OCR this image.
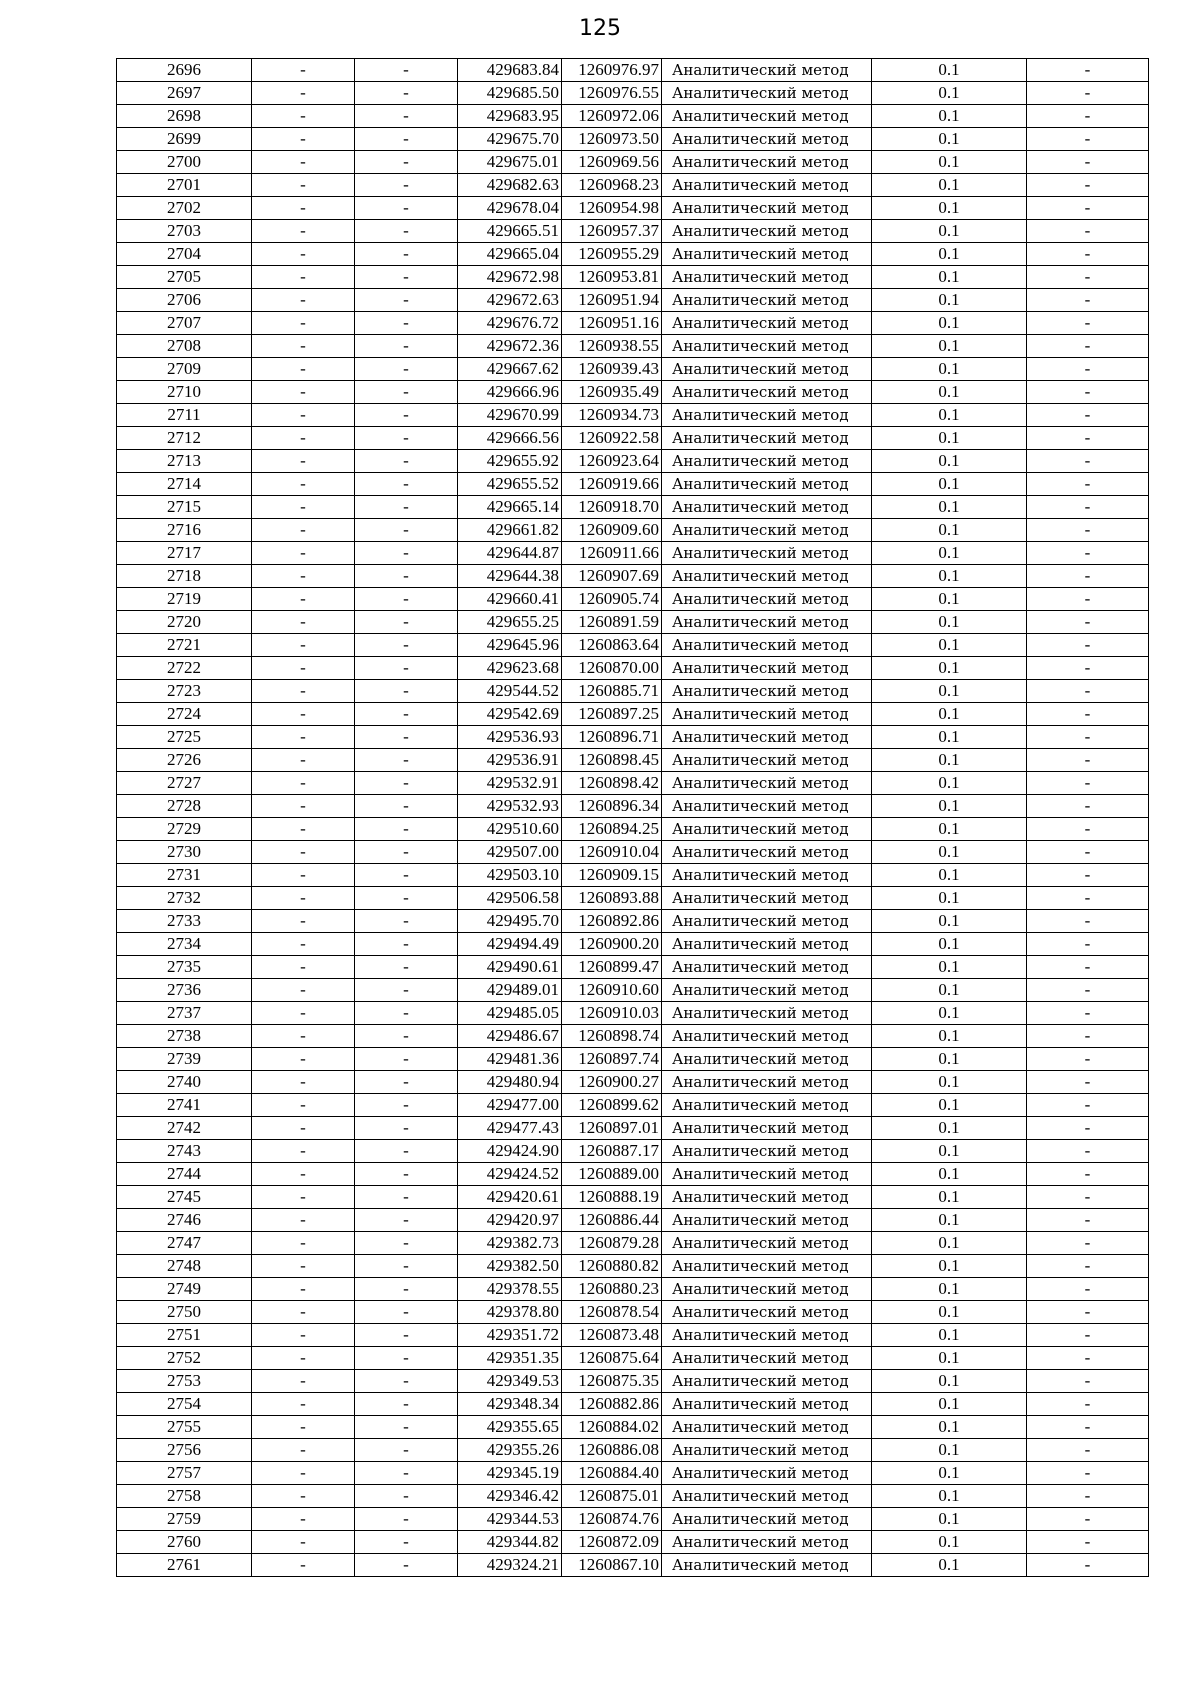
125
2696	-	-	429683.84	1260976.97	Аналитический метод	0.1	-
2697	-	-	429685.50	1260976.55	Аналитический метод	0.1	-
2698	-	-	429683.95	1260972.06	Аналитический метод	0.1	-
2699	-	-	429675.70	1260973.50	Аналитический метод	0.1	-
2700	-	-	429675.01	1260969.56	Аналитический метод	0.1	-
2701	-	-	429682.63	1260968.23	Аналитический метод	0.1	-
2702	-	-	429678.04	1260954.98	Аналитический метод	0.1	-
2703	-	-	429665.51	1260957.37	Аналитический метод	0.1	-
2704	-	-	429665.04	1260955.29	Аналитический метод	0.1	-
2705	-	-	429672.98	1260953.81	Аналитический метод	0.1	-
2706	-	-	429672.63	1260951.94	Аналитический метод	0.1	-
2707	-	-	429676.72	1260951.16	Аналитический метод	0.1	-
2708	-	-	429672.36	1260938.55	Аналитический метод	0.1	-
2709	-	-	429667.62	1260939.43	Аналитический метод	0.1	-
2710	-	-	429666.96	1260935.49	Аналитический метод	0.1	-
2711	-	-	429670.99	1260934.73	Аналитический метод	0.1	-
2712	-	-	429666.56	1260922.58	Аналитический метод	0.1	-
2713	-	-	429655.92	1260923.64	Аналитический метод	0.1	-
2714	-	-	429655.52	1260919.66	Аналитический метод	0.1	-
2715	-	-	429665.14	1260918.70	Аналитический метод	0.1	-
2716	-	-	429661.82	1260909.60	Аналитический метод	0.1	-
2717	-	-	429644.87	1260911.66	Аналитический метод	0.1	-
2718	-	-	429644.38	1260907.69	Аналитический метод	0.1	-
2719	-	-	429660.41	1260905.74	Аналитический метод	0.1	-
2720	-	-	429655.25	1260891.59	Аналитический метод	0.1	-
2721	-	-	429645.96	1260863.64	Аналитический метод	0.1	-
2722	-	-	429623.68	1260870.00	Аналитический метод	0.1	-
2723	-	-	429544.52	1260885.71	Аналитический метод	0.1	-
2724	-	-	429542.69	1260897.25	Аналитический метод	0.1	-
2725	-	-	429536.93	1260896.71	Аналитический метод	0.1	-
2726	-	-	429536.91	1260898.45	Аналитический метод	0.1	-
2727	-	-	429532.91	1260898.42	Аналитический метод	0.1	-
2728	-	-	429532.93	1260896.34	Аналитический метод	0.1	-
2729	-	-	429510.60	1260894.25	Аналитический метод	0.1	-
2730	-	-	429507.00	1260910.04	Аналитический метод	0.1	-
2731	-	-	429503.10	1260909.15	Аналитический метод	0.1	-
2732	-	-	429506.58	1260893.88	Аналитический метод	0.1	-
2733	-	-	429495.70	1260892.86	Аналитический метод	0.1	-
2734	-	-	429494.49	1260900.20	Аналитический метод	0.1	-
2735	-	-	429490.61	1260899.47	Аналитический метод	0.1	-
2736	-	-	429489.01	1260910.60	Аналитический метод	0.1	-
2737	-	-	429485.05	1260910.03	Аналитический метод	0.1	-
2738	-	-	429486.67	1260898.74	Аналитический метод	0.1	-
2739	-	-	429481.36	1260897.74	Аналитический метод	0.1	-
2740	-	-	429480.94	1260900.27	Аналитический метод	0.1	-
2741	-	-	429477.00	1260899.62	Аналитический метод	0.1	-
2742	-	-	429477.43	1260897.01	Аналитический метод	0.1	-
2743	-	-	429424.90	1260887.17	Аналитический метод	0.1	-
2744	-	-	429424.52	1260889.00	Аналитический метод	0.1	-
2745	-	-	429420.61	1260888.19	Аналитический метод	0.1	-
2746	-	-	429420.97	1260886.44	Аналитический метод	0.1	-
2747	-	-	429382.73	1260879.28	Аналитический метод	0.1	-
2748	-	-	429382.50	1260880.82	Аналитический метод	0.1	-
2749	-	-	429378.55	1260880.23	Аналитический метод	0.1	-
2750	-	-	429378.80	1260878.54	Аналитический метод	0.1	-
2751	-	-	429351.72	1260873.48	Аналитический метод	0.1	-
2752	-	-	429351.35	1260875.64	Аналитический метод	0.1	-
2753	-	-	429349.53	1260875.35	Аналитический метод	0.1	-
2754	-	-	429348.34	1260882.86	Аналитический метод	0.1	-
2755	-	-	429355.65	1260884.02	Аналитический метод	0.1	-
2756	-	-	429355.26	1260886.08	Аналитический метод	0.1	-
2757	-	-	429345.19	1260884.40	Аналитический метод	0.1	-
2758	-	-	429346.42	1260875.01	Аналитический метод	0.1	-
2759	-	-	429344.53	1260874.76	Аналитический метод	0.1	-
2760	-	-	429344.82	1260872.09	Аналитический метод	0.1	-
2761	-	-	429324.21	1260867.10	Аналитический метод	0.1	-
